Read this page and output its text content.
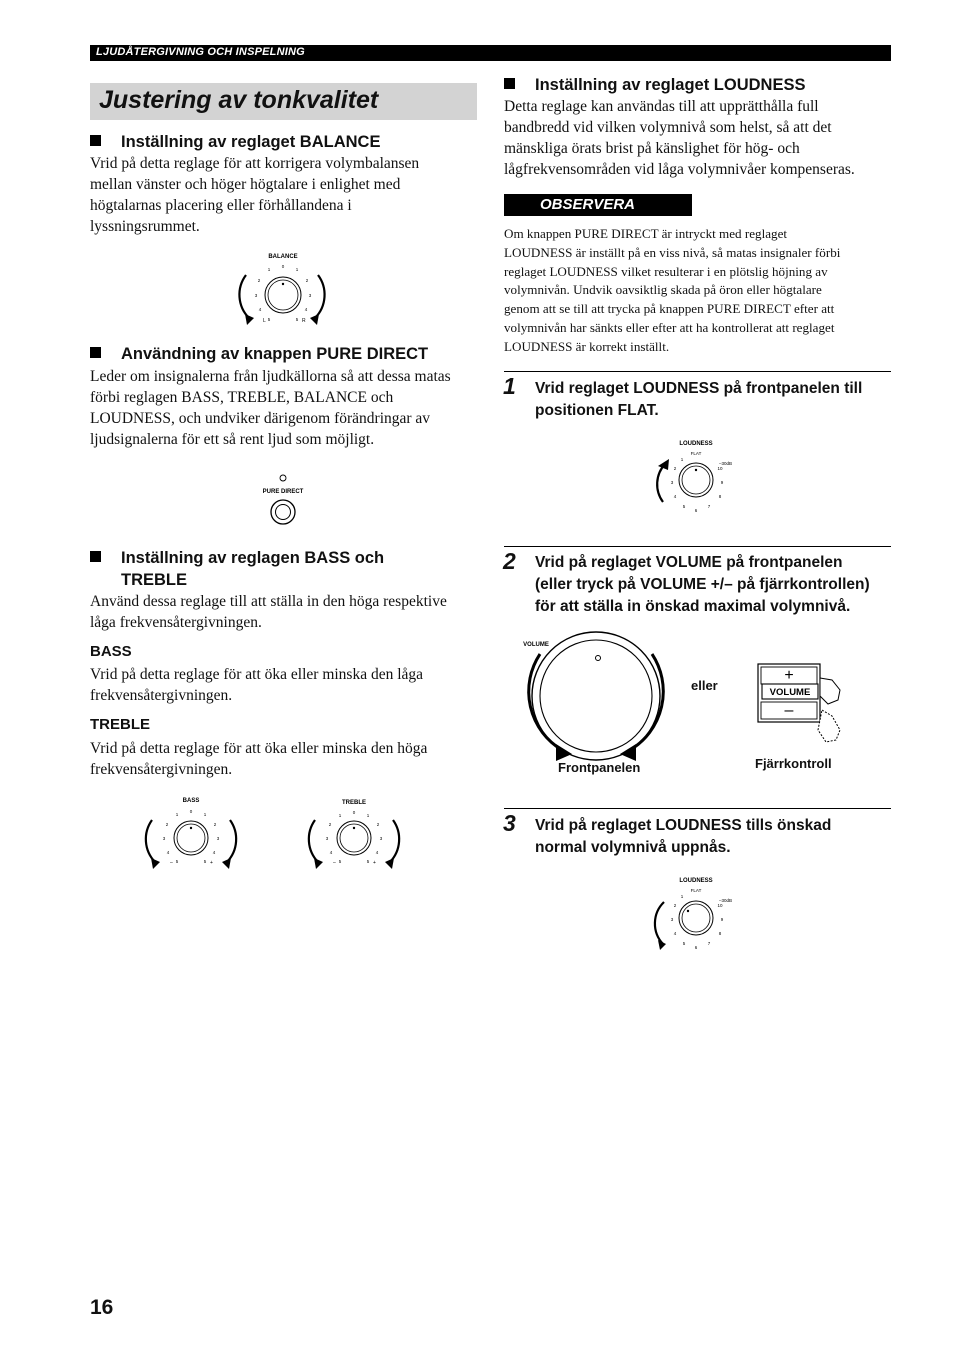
LJUDÅTERGIVNING OCH INSPELNING
Justering av tonkvalitet
Inställning av reglaget BALANCE
Vrid på detta reglage för att korrigera volymbalansen
mellan vänster och höger högtalare i enlighet med
högtalarnas placering eller förhållandena i
lyssningsrummet.
BALANCE
0
1	1
2	2
3	3
4	4
5	5
L	R
Användning av knappen PURE DIRECT
Leder om insignalerna från ljudkällorna så att dessa matas
förbi reglagen BASS, TREBLE, BALANCE och
LOUDNESS, och undviker därigenom förändringar av
ljudsignalerna för ett så rent ljud som möjligt.
PURE DIRECT
Inställning av reglagen BASS och
TREBLE
Använd dessa reglage till att ställa in den höga respektive
låga frekvensåtergivningen.
BASS
Vrid på detta reglage för att öka eller minska den låga
frekvensåtergivningen.
TREBLE
Vrid på detta reglage för att öka eller minska den höga
frekvensåtergivningen.
BASS
0
1	1
2	2
3	3
4	4
5	5
–	+
TREBLE
0
1	1
2	2
3	3
4	4
5	5
–	+
Inställning av reglaget LOUDNESS
Detta reglage kan användas till att upprätthålla full
bandbredd vid vilken volymnivå som helst, så att det
mänskliga örats brist på känslighet för hög- och
lågfrekvensområden vid låga volymnivåer kompenseras.
OBSERVERA
Om knappen PURE DIRECT är intryckt med reglaget
LOUDNESS är inställt på en viss nivå, så matas insignaler förbi
reglaget LOUDNESS vilket resulterar i en plötslig höjning av
volymnivån. Undvik oavsiktlig skada på öron eller högtalare
genom att se till att trycka på knappen PURE DIRECT efter att
volymnivån har sänkts eller efter att ha kontrollerat att reglaget
LOUDNESS är korrekt inställt.
1 Vrid reglaget LOUDNESS på frontpanelen till
positionen FLAT.
LOUDNESS
FLAT
–30dB
1
2
3
4
5
6
7
8
9
10
2 Vrid på reglaget VOLUME på frontpanelen
(eller tryck på VOLUME +/– på fjärrkontrollen)
för att ställa in önskad maximal volymnivå.
VOLUME
eller
+
–
VOLUME
Frontpanelen	Fjärrkontroll
3 Vrid på reglaget LOUDNESS tills önskad
normal volymnivå uppnås.
LOUDNESS
FLAT
–30dB
1
2
3
4
5
6
7
8
9
10
16
